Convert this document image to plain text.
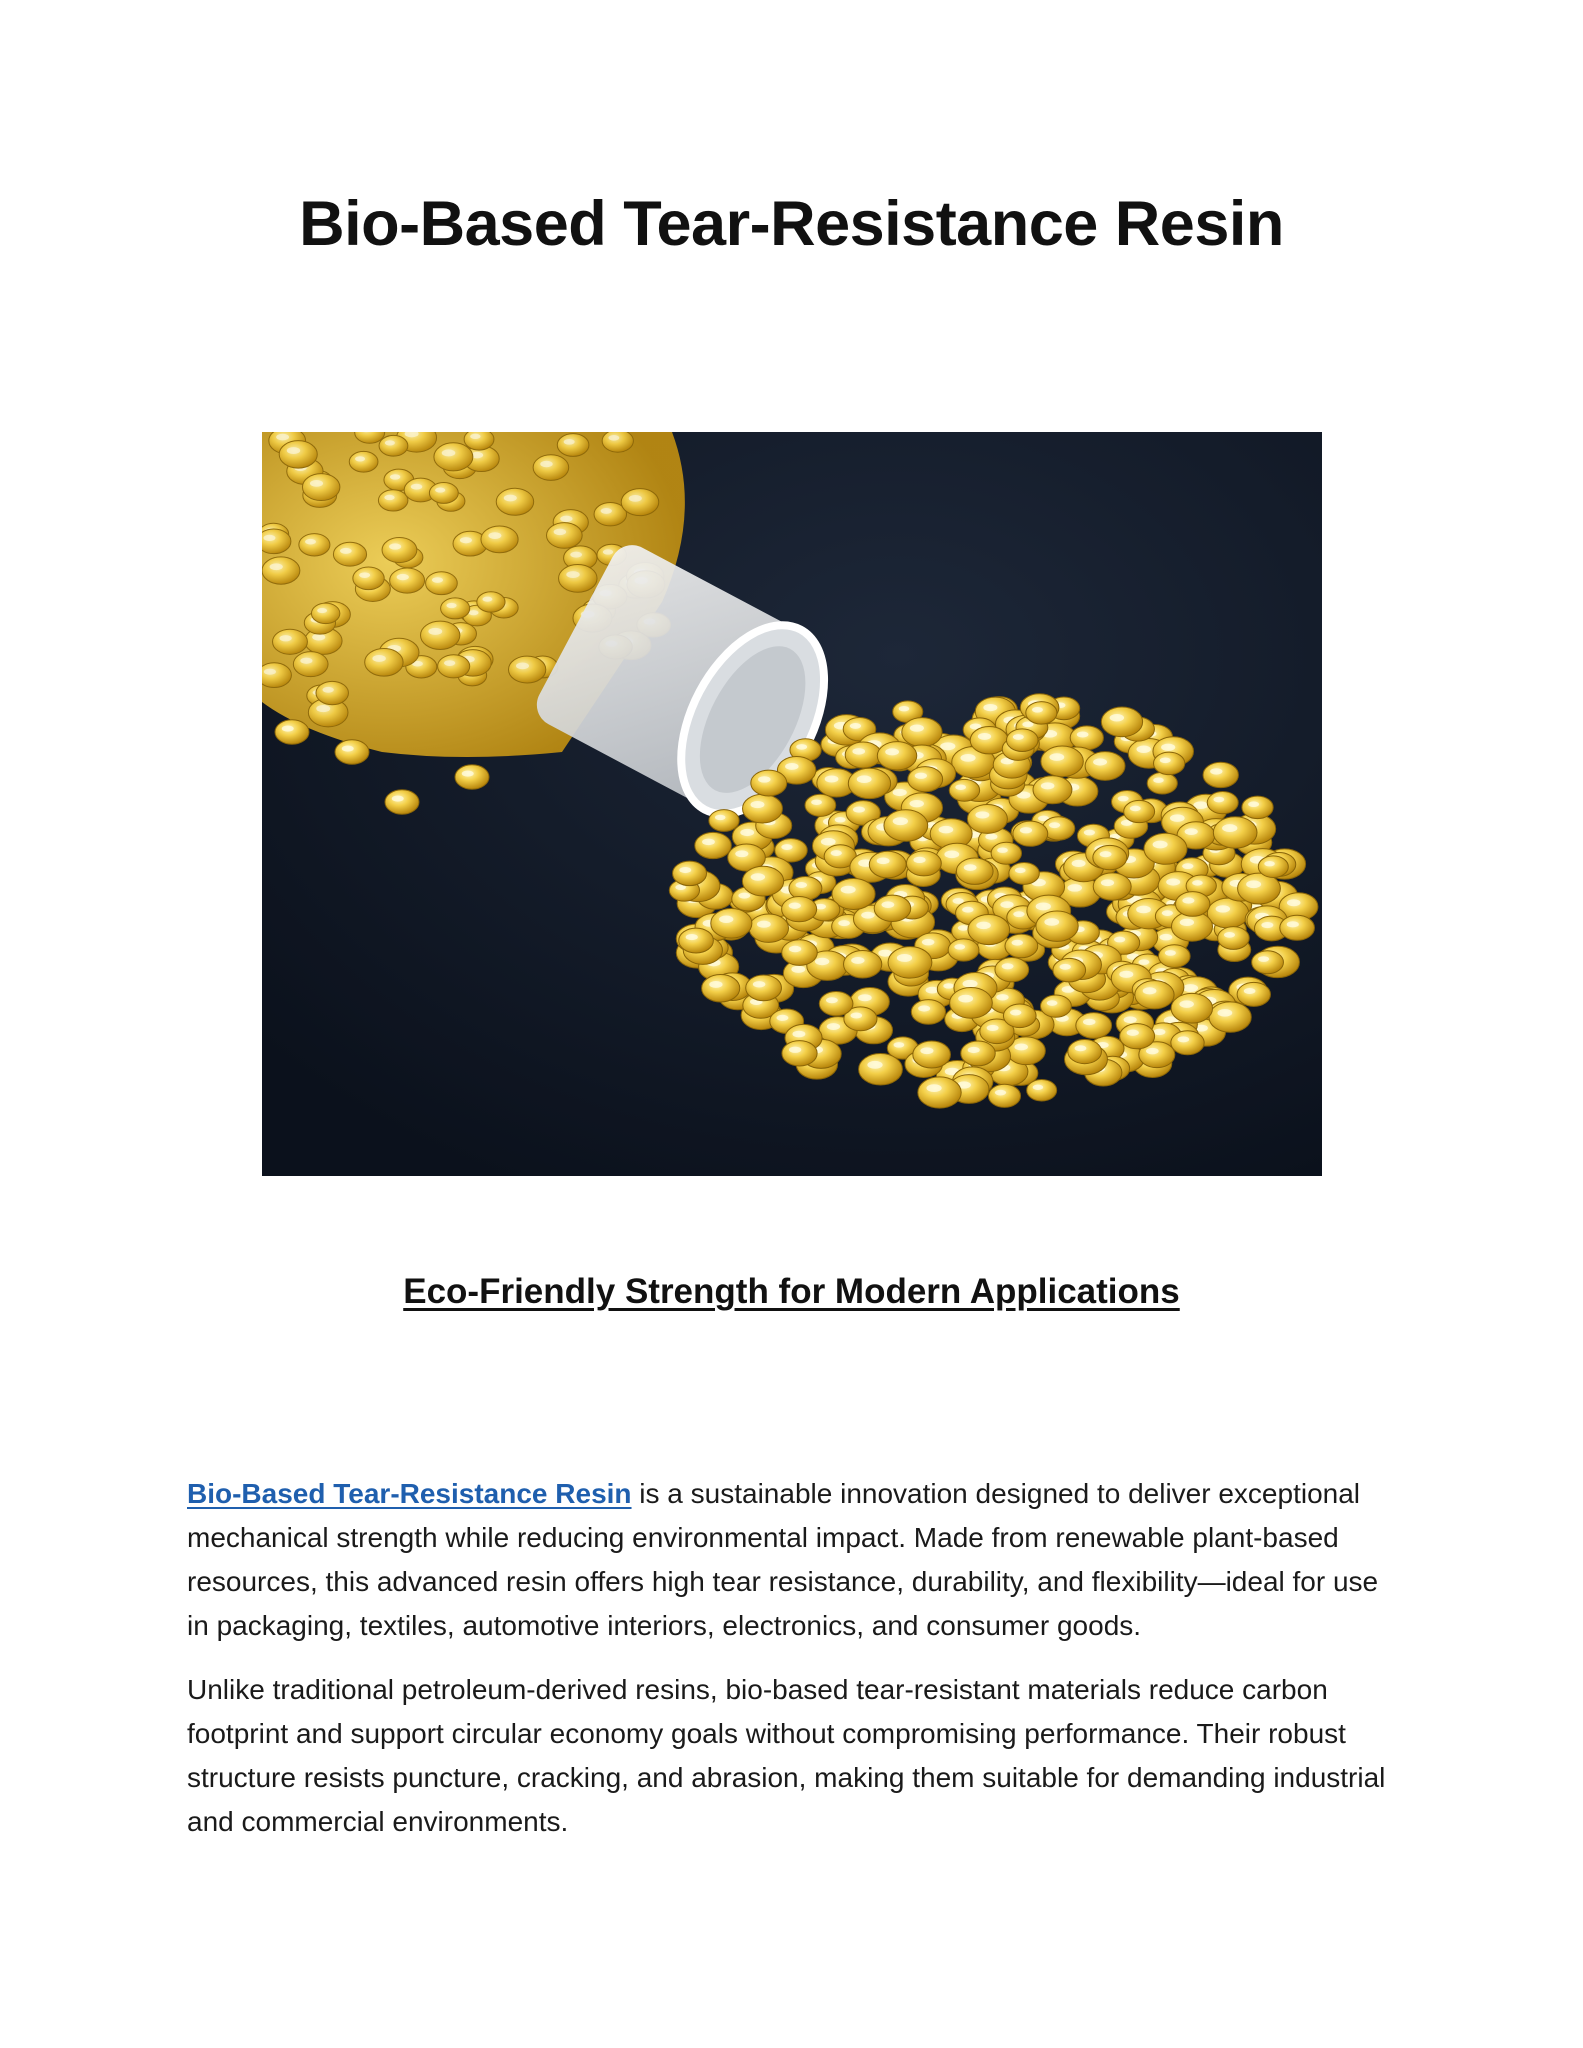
Bio-Based Tear-Resistance Resin
Eco-Friendly Strength for Modern Applications

Bio-Based Tear-Resistance Resin is a sustainable innovation designed to deliver exceptional mechanical strength while reducing environmental impact. Made from renewable plant-based resources, this advanced resin offers high tear resistance, durability, and flexibility—ideal for use in packaging, textiles, automotive interiors, electronics, and consumer goods.

Unlike traditional petroleum-derived resins, bio-based tear-resistant materials reduce carbon footprint and support circular economy goals without compromising performance. Their robust structure resists puncture, cracking, and abrasion, making them suitable for demanding industrial and commercial environments.
